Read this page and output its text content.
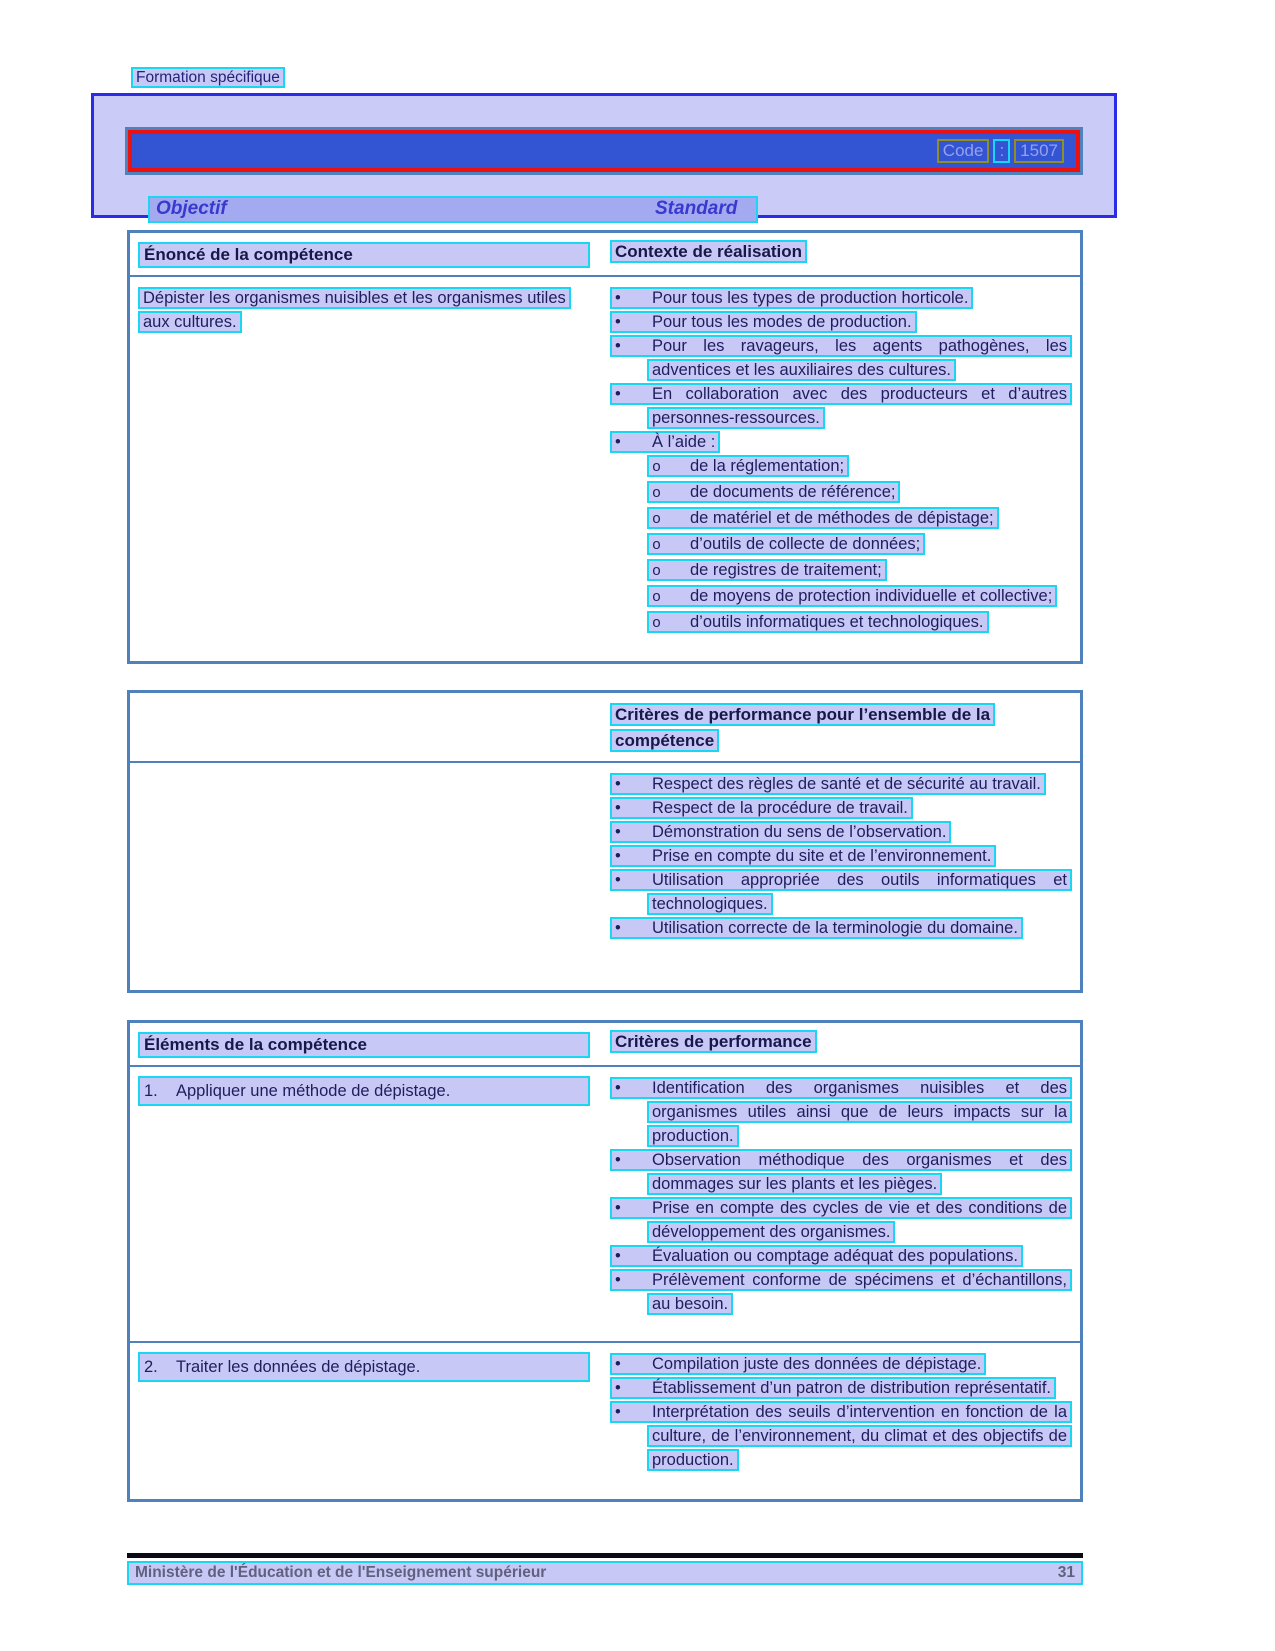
Formation spécifique
Code : 1507
Objectif	Standard
Énoncé de la compétence	Contexte de réalisation
Dépister les organismes nuisibles et les organismes utiles aux cultures.

• Pour tous les types de production horticole.

• Pour tous les modes de production.

• Pour les ravageurs, les agents pathogènes, les adventices et les auxiliaires des cultures.

• En collaboration avec des producteurs et d’autres personnes-ressources.

• À l’aide :

o de la réglementation;

o de documents de référence;

o de matériel et de méthodes de dépistage;

o d’outils de collecte de données;

o de registres de traitement;

o de moyens de protection individuelle et collective;

o d’outils informatiques et technologiques.

Critères de performance pour l’ensemble de la compétence

• Respect des règles de santé et de sécurité au travail.

• Respect de la procédure de travail.

• Démonstration du sens de l’observation.

• Prise en compte du site et de l’environnement.

• Utilisation appropriée des outils informatiques et technologiques.

• Utilisation correcte de la terminologie du domaine.

Éléments de la compétence	Critères de performance
1. Appliquer une méthode de dépistage.	• Identification des organismes nuisibles et des organismes utiles ainsi que de leurs impacts sur la production.

• Observation méthodique des organismes et des dommages sur les plants et les pièges.

• Prise en compte des cycles de vie et des conditions de développement des organismes.

• Évaluation ou comptage adéquat des populations.

• Prélèvement conforme de spécimens et d’échantillons, au besoin.

2. Traiter les données de dépistage.	• Compilation juste des données de dépistage.

• Établissement d’un patron de distribution représentatif.

• Interprétation des seuils d’intervention en fonction de la culture, de l’environnement, du climat et des objectifs de production.

Ministère de l'Éducation et de l'Enseignement supérieur	31
